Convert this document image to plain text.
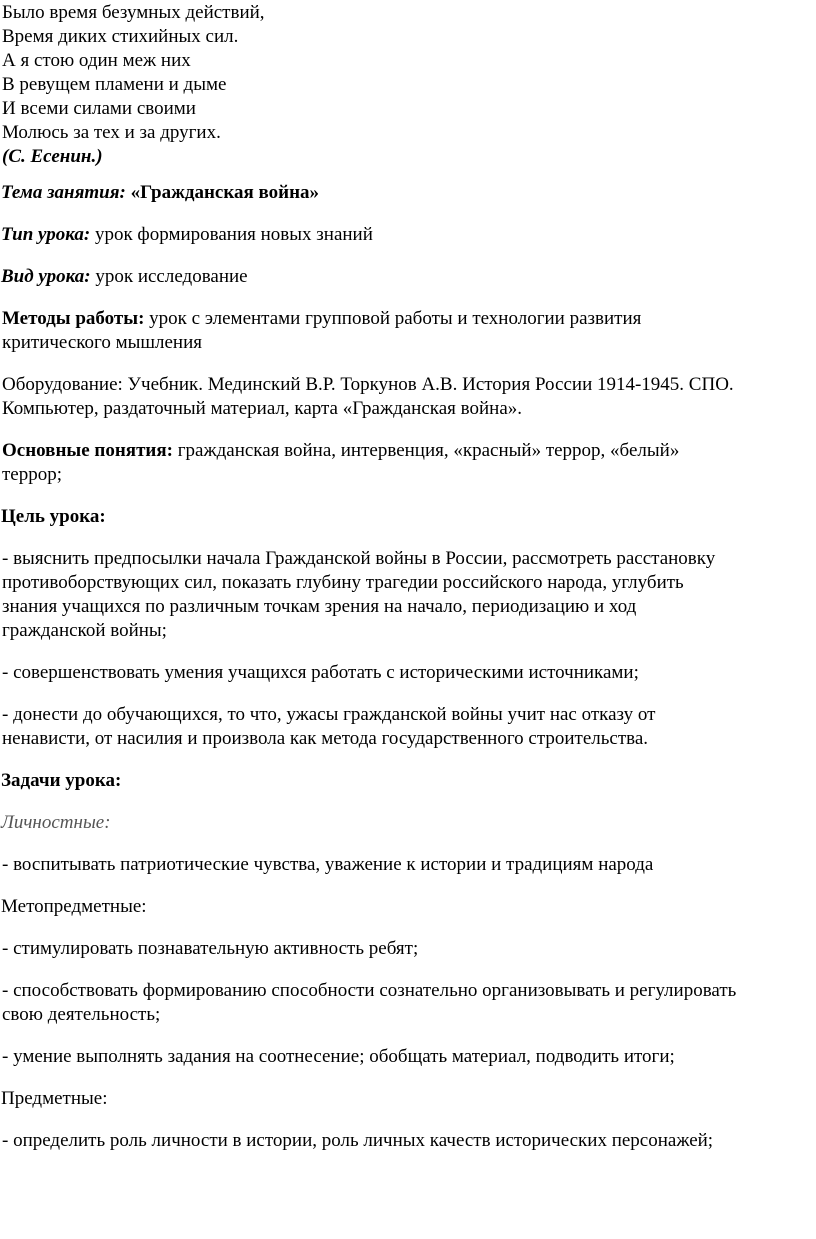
Было время безумных действий,
Время диких стихийных сил.
А я стою один меж них
В ревущем пламени и дыме
И всеми силами своими
Молюсь за тех и за других.
(С. Есенин.)

Тема занятия: «Гражданская война»

Тип урока: урок формирования новых знаний

Вид урока: урок исследование

Методы работы: урок с элементами групповой работы и технологии развития
критического мышления
Оборудование: Учебник. Мединский В.Р. Торкунов А.В. История России 1914-1945. СПО.
Компьютер, раздаточный материал, карта «Гражданская война».
Основные понятия: гражданская война, интервенция, «красный» террор, «белый»
террор;

Цель урока:

- выяснить предпосылки начала Гражданской войны в России, рассмотреть расстановку
противоборствующих сил, показать глубину трагедии российского народа, углубить
знания учащихся по различным точкам зрения на начало, периодизацию и ход
гражданской войны;
- совершенствовать умения учащихся работать с историческими источниками;
- донести до обучающихся, то что, ужасы гражданской войны учит нас отказу от
ненависти, от насилия и произвола как метода государственного строительства.

Задачи урока:

Личностные:

- воспитывать патриотические чувства, уважение к истории и традициям народа

Метопредметные:

- стимулировать познавательную активность ребят;
- способствовать формированию способности сознательно организовывать и регулировать
свою деятельность;
- умение выполнять задания на соотнесение; обобщать материал, подводить итоги;

Предметные:

- определить роль личности в истории, роль личных качеств исторических персонажей;
